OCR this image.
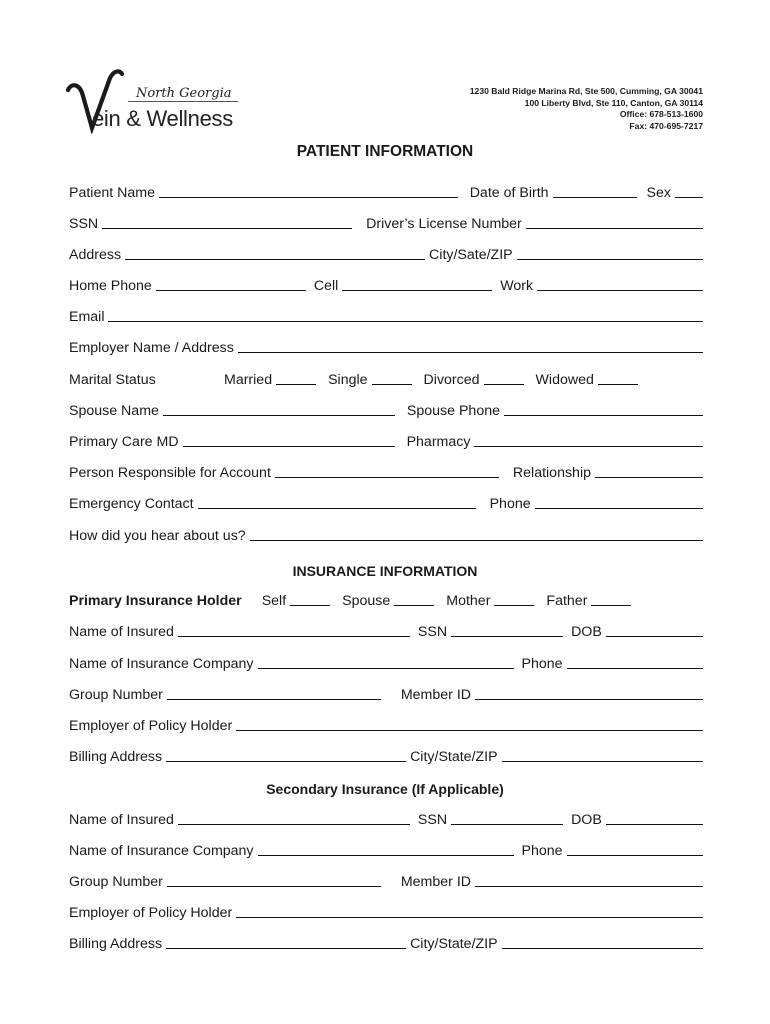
North Georgia
ein & Wellness
1230 Bald Ridge Marina Rd, Ste 500, Cumming, GA 30041
100 Liberty Blvd, Ste 110, Canton, GA 30114
Office: 678-513-1600
Fax: 470-695-7217
PATIENT INFORMATION
Patient Name	Date of Birth	Sex
SSN	Driver’s License Number
Address	City/Sate/ZIP
Home Phone	Cell	Work
Email
Employer Name / Address
Marital Status	Married	Single	Divorced	Widowed
Spouse Name	Spouse Phone
Primary Care MD	Pharmacy
Person Responsible for Account	Relationship
Emergency Contact	Phone
How did you hear about us?
INSURANCE INFORMATION
Primary Insurance Holder Self	Spouse	Mother	Father
Name of Insured	SSN	DOB
Name of Insurance Company	Phone
Group Number	Member ID
Employer of Policy Holder
Billing Address	City/State/ZIP
Secondary Insurance (If Applicable)
Name of Insured	SSN	DOB
Name of Insurance Company	Phone
Group Number	Member ID
Employer of Policy Holder
Billing Address	City/State/ZIP
